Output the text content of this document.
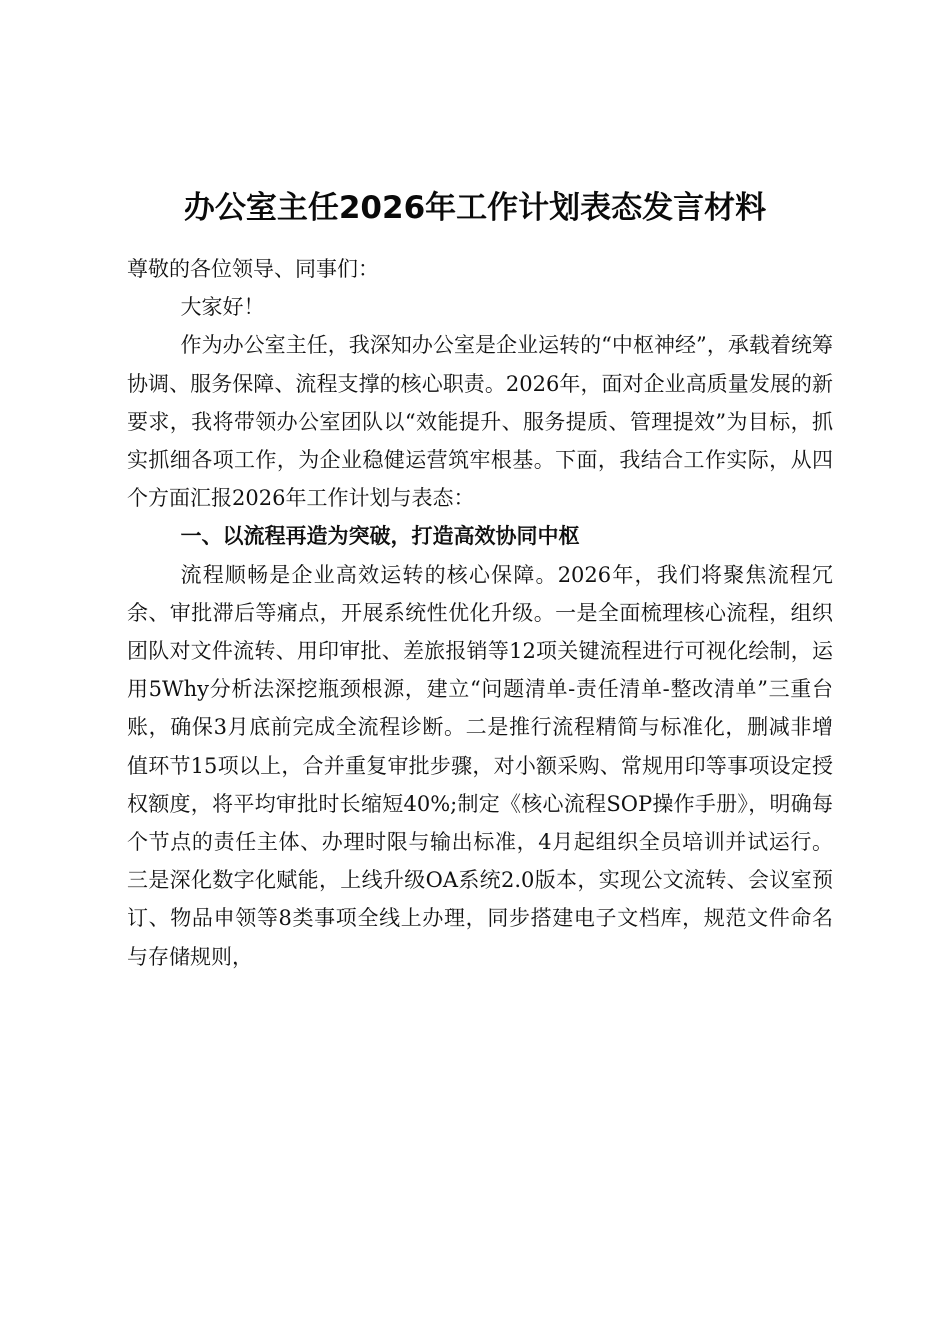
办公室主任2026年工作计划表态发言材料

尊敬的各位领导、同事们：

大家好！

作为办公室主任，我深知办公室是企业运转的“中枢神经”，承载着统筹协调、服务保障、流程支撑的核心职责。2026年，面对企业高质量发展的新要求，我将带领办公室团队以“效能提升、服务提质、管理提效”为目标，抓实抓细各项工作，为企业稳健运营筑牢根基。下面，我结合工作实际，从四个方面汇报2026年工作计划与表态：

一、以流程再造为突破，打造高效协同中枢

流程顺畅是企业高效运转的核心保障。2026年，我们将聚焦流程冗余、审批滞后等痛点，开展系统性优化升级。一是全面梳理核心流程，组织团队对文件流转、用印审批、差旅报销等12项关键流程进行可视化绘制，运用5Why分析法深挖瓶颈根源，建立“问题清单-责任清单-整改清单”三重台账，确保3月底前完成全流程诊断。二是推行流程精简与标准化，删减非增值环节15项以上，合并重复审批步骤，对小额采购、常规用印等事项设定授权额度，将平均审批时长缩短40%;制定《核心流程SOP操作手册》，明确每个节点的责任主体、办理时限与输出标准，4月起组织全员培训并试运行。三是深化数字化赋能，上线升级OA系统2.0版本，实现公文流转、会议室预订、物品申领等8类事项全线上办理，同步搭建电子文档库，规范文件命名与存储规则，
